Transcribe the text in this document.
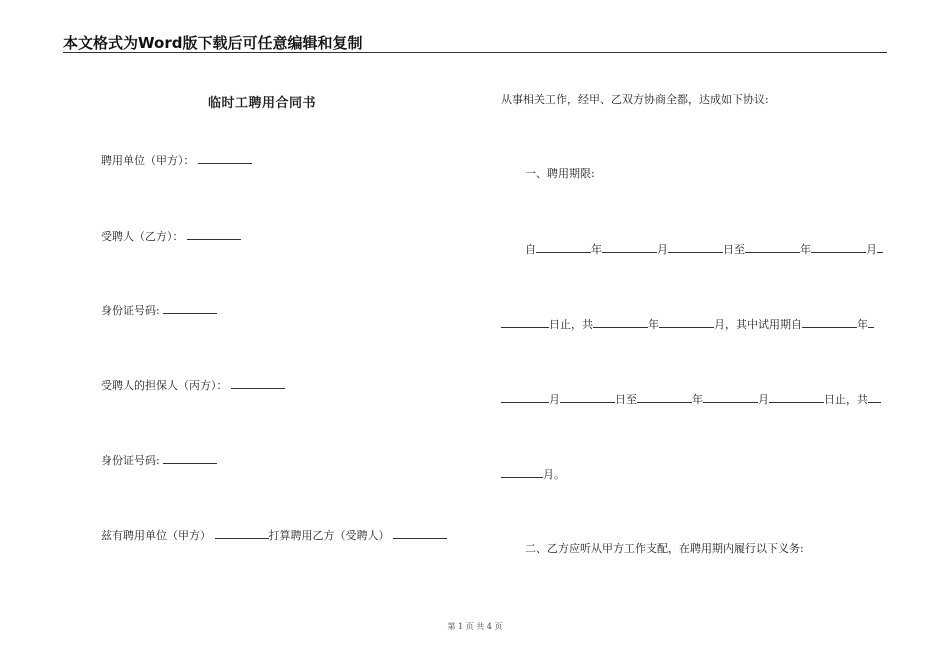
本文格式为Word版下载后可任意编辑和复制
临时工聘用合同书
聘用单位（甲方）：
受聘人（乙方）：
身份证号码:
受聘人的担保人（丙方）：
身份证号码:
兹有聘用单位（甲方）	打算聘用乙方（受聘人）
从事相关工作，经甲、乙双方协商全都，达成如下协议:
一、聘用期限:
自	年	月	日至	年	月
日止，共	年	月，其中试用期自	年
月	日至	年	月	日止，共
月。
二、乙方应听从甲方工作支配，在聘用期内履行以下义务:
第 1 页 共 4 页
